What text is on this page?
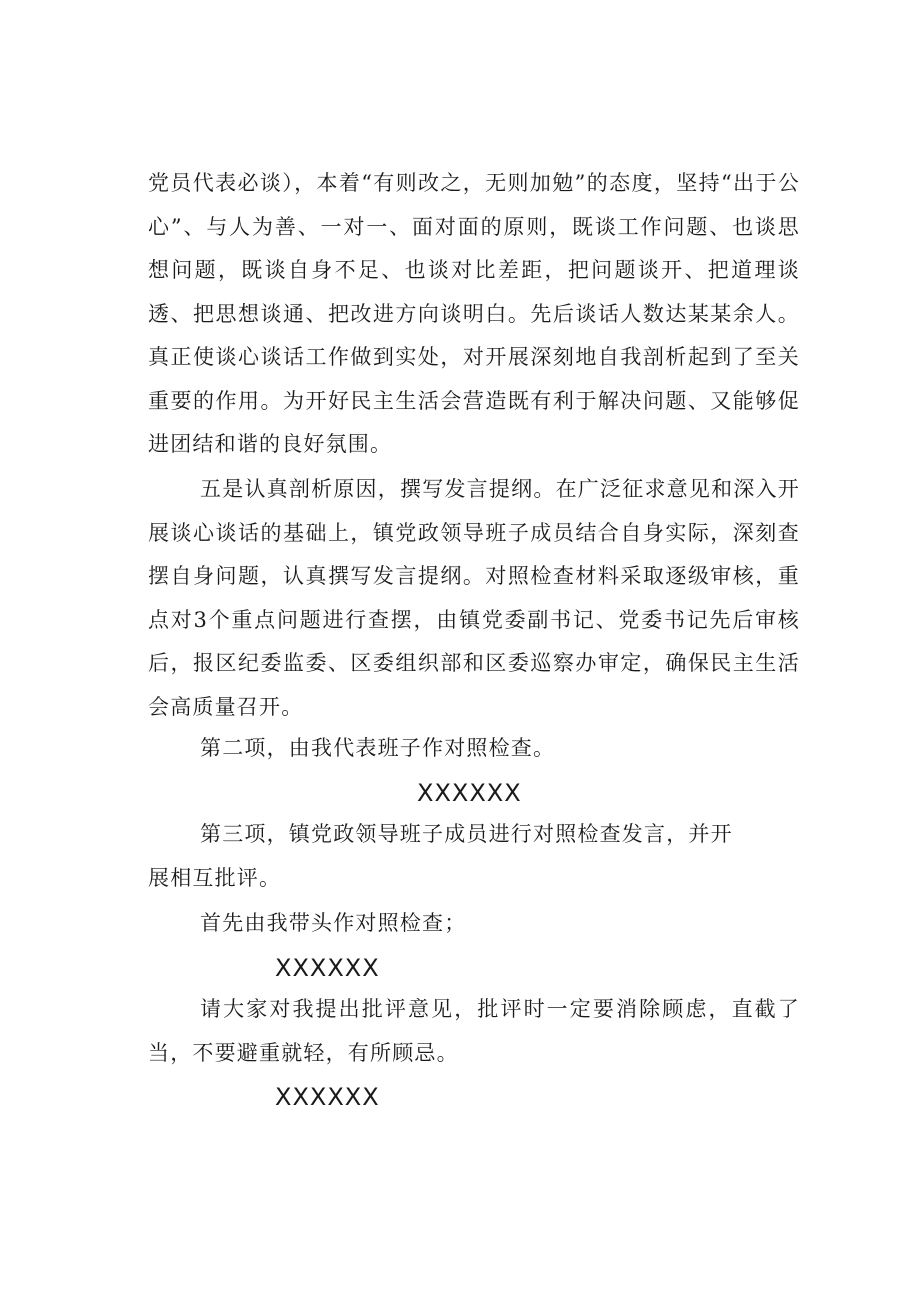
党员代表必谈），本着“有则改之，无则加勉”的态度，坚持“出于公心”、与人为善、一对一、面对面的原则，既谈工作问题、也谈思想问题，既谈自身不足、也谈对比差距，把问题谈开、把道理谈透、把思想谈通、把改进方向谈明白。先后谈话人数达某某余人。真正使谈心谈话工作做到实处，对开展深刻地自我剖析起到了至关重要的作用。为开好民主生活会营造既有利于解决问题、又能够促进团结和谐的良好氛围。

五是认真剖析原因，撰写发言提纲。在广泛征求意见和深入开展谈心谈话的基础上，镇党政领导班子成员结合自身实际，深刻查摆自身问题，认真撰写发言提纲。对照检查材料采取逐级审核，重点对3个重点问题进行查摆，由镇党委副书记、党委书记先后审核后，报区纪委监委、区委组织部和区委巡察办审定，确保民主生活会高质量召开。

第二项，由我代表班子作对照检查。

XXXXXX

第三项，镇党政领导班子成员进行对照检查发言，并开

展相互批评。

首先由我带头作对照检查；

XXXXXX

请大家对我提出批评意见，批评时一定要消除顾虑，直截了当，不要避重就轻，有所顾忌。

XXXXXX
